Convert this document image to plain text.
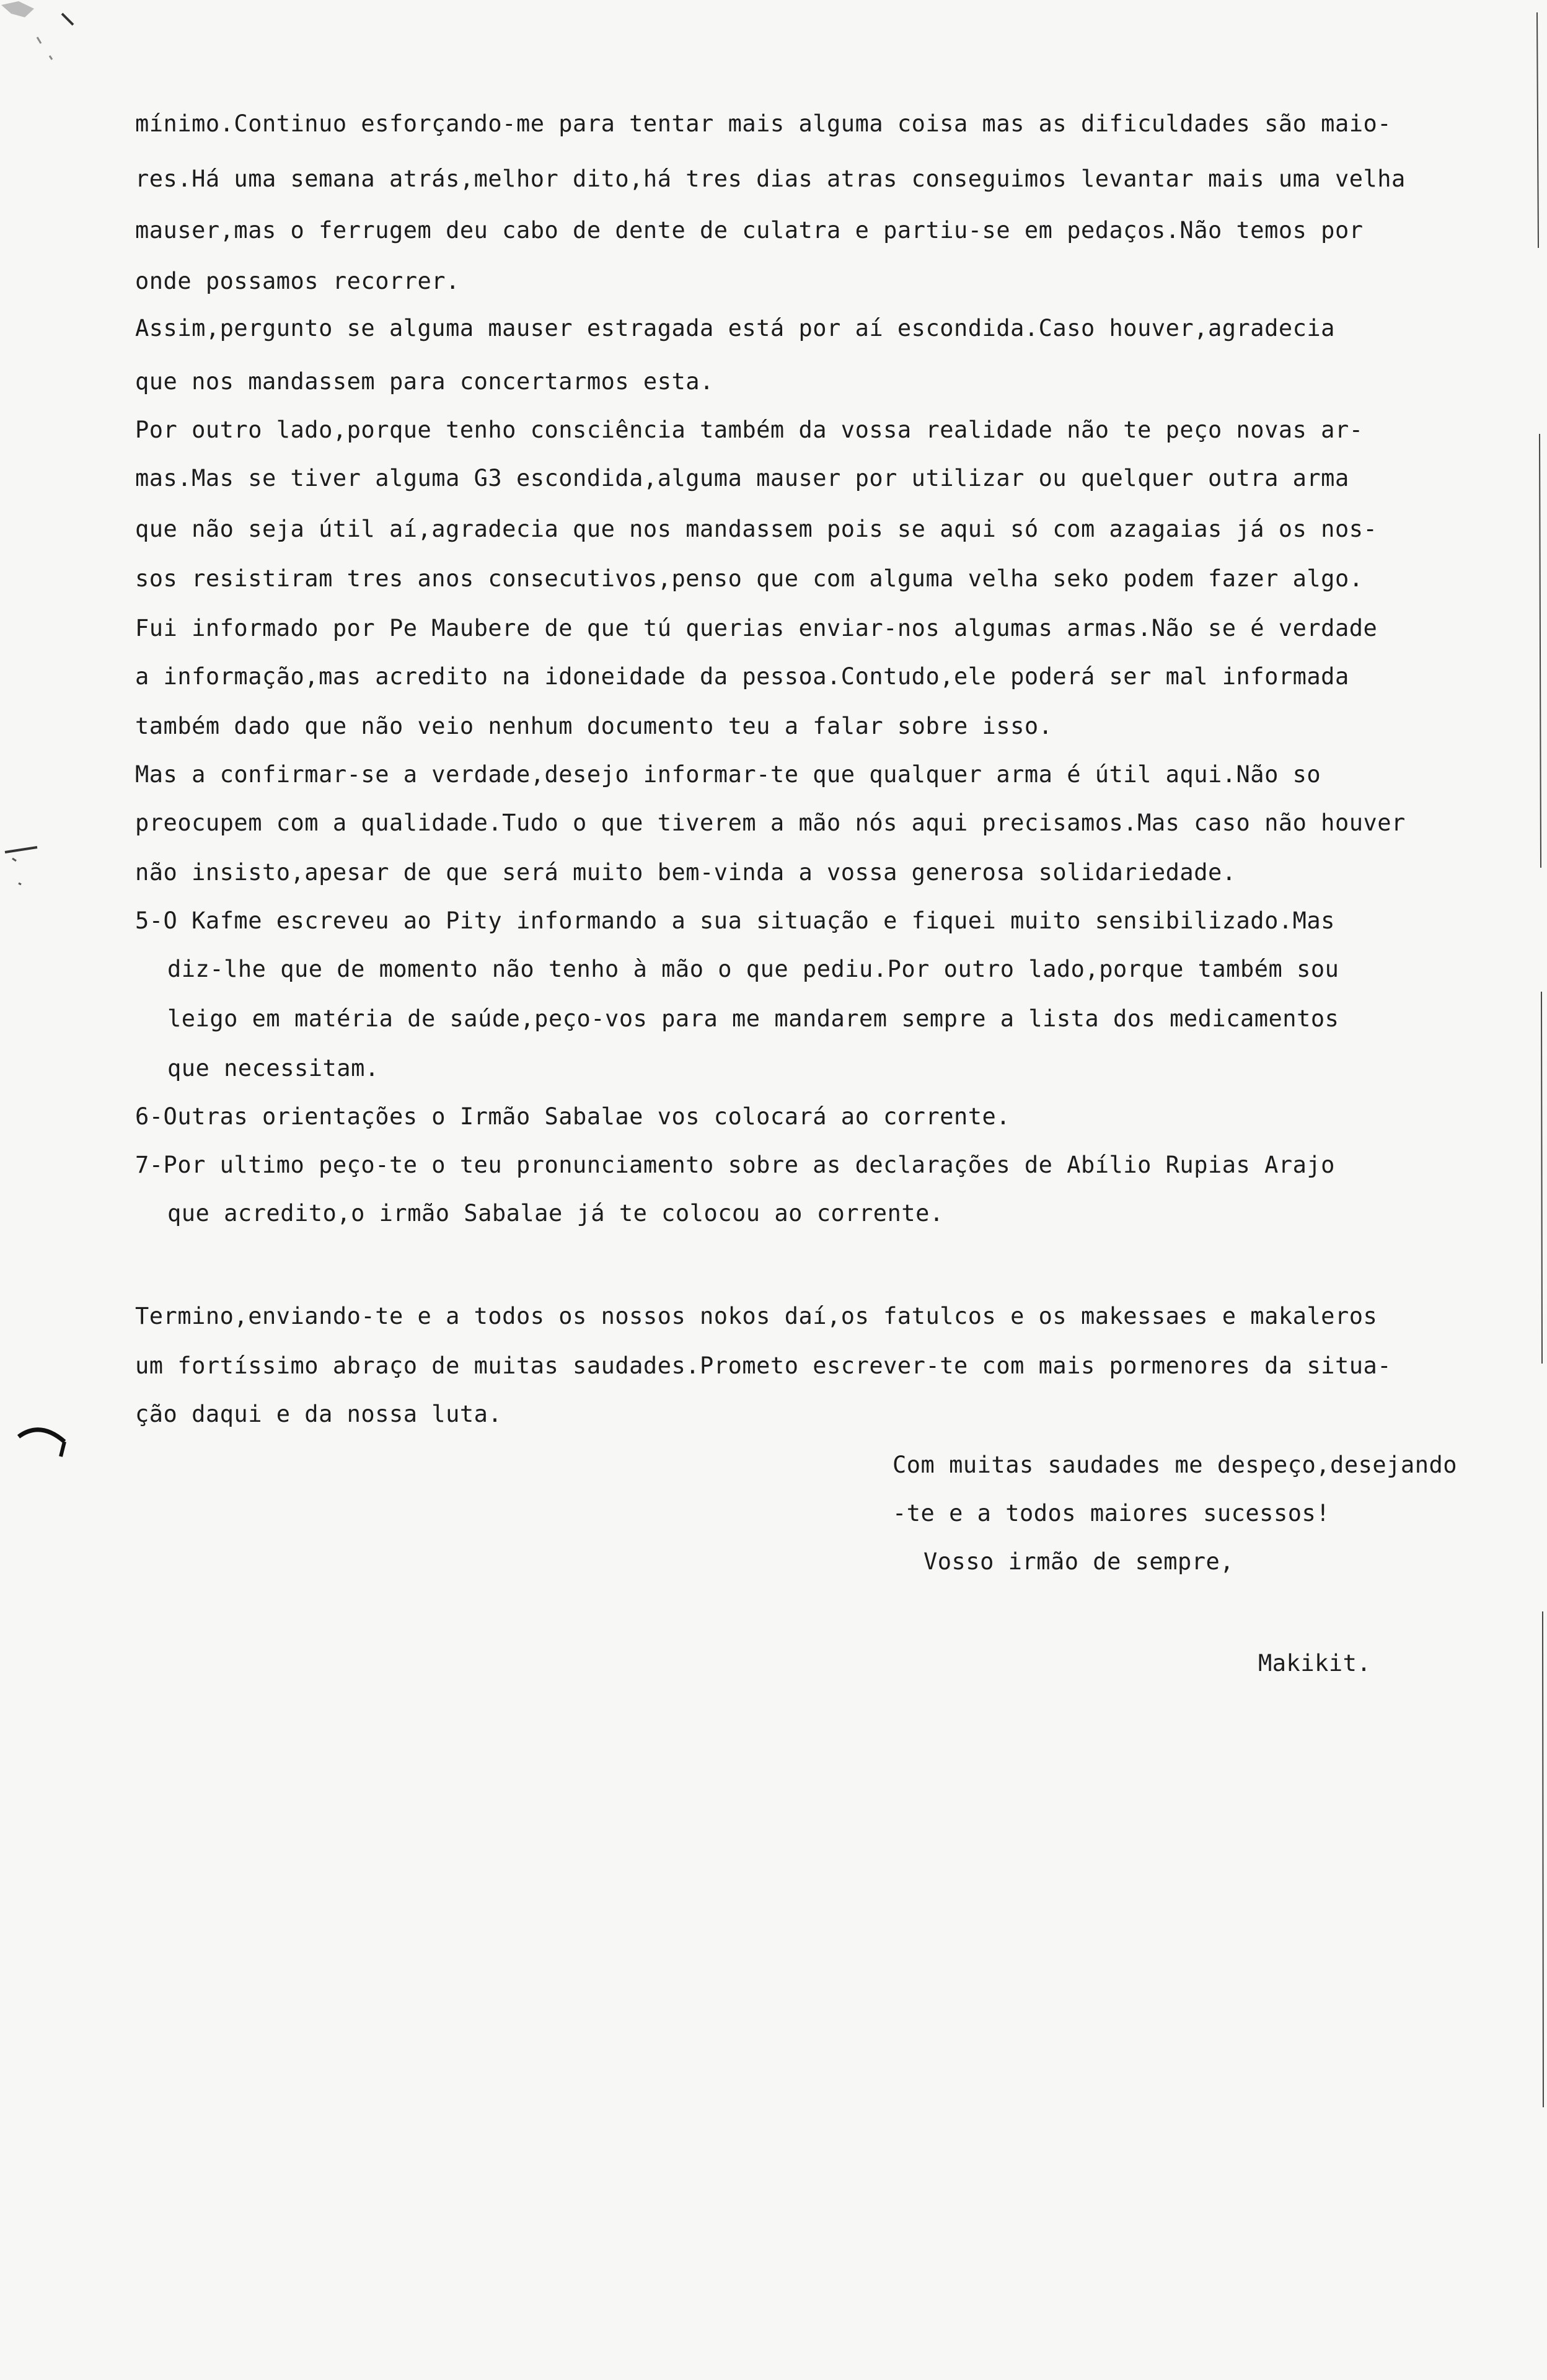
mínimo.Continuo esforçando-me para tentar mais alguma coisa mas as dificuldades são maio-
res.Há uma semana atrás,melhor dito,há tres dias atras conseguimos levantar mais uma velha
mauser,mas o ferrugem deu cabo de dente de culatra e partiu-se em pedaços.Não temos por
onde possamos recorrer.
Assim,pergunto se alguma mauser estragada está por aí escondida.Caso houver,agradecia
que nos mandassem para concertarmos esta.
Por outro lado,porque tenho consciência também da vossa realidade não te peço novas ar-
mas.Mas se tiver alguma G3 escondida,alguma mauser por utilizar ou quelquer outra arma
que não seja útil aí,agradecia que nos mandassem pois se aqui só com azagaias já os nos-
sos resistiram tres anos consecutivos,penso que com alguma velha seko podem fazer algo.
Fui informado por Pe Maubere de que tú querias enviar-nos algumas armas.Não se é verdade
a informação,mas acredito na idoneidade da pessoa.Contudo,ele poderá ser mal informada
também dado que não veio nenhum documento teu a falar sobre isso.
Mas a confirmar-se a verdade,desejo informar-te que qualquer arma é útil aqui.Não so
preocupem com a qualidade.Tudo o que tiverem a mão nós aqui precisamos.Mas caso não houver
não insisto,apesar de que será muito bem-vinda a vossa generosa solidariedade.
5-O Kafme escreveu ao Pity informando a sua situação e fiquei muito sensibilizado.Mas
diz-lhe que de momento não tenho à mão o que pediu.Por outro lado,porque também sou
leigo em matéria de saúde,peço-vos para me mandarem sempre a lista dos medicamentos
que necessitam.
6-Outras orientações o Irmão Sabalae vos colocará ao corrente.
7-Por ultimo peço-te o teu pronunciamento sobre as declarações de Abílio Rupias Arajo
que acredito,o irmão Sabalae já te colocou ao corrente.
Termino,enviando-te e a todos os nossos nokos daí,os fatulcos e os makessaes e makaleros
um fortíssimo abraço de muitas saudades.Prometo escrever-te com mais pormenores da situa-
ção daqui e da nossa luta.
Com muitas saudades me despeço,desejando
-te e a todos maiores sucessos!
Vosso irmão de sempre,
Makikit.
